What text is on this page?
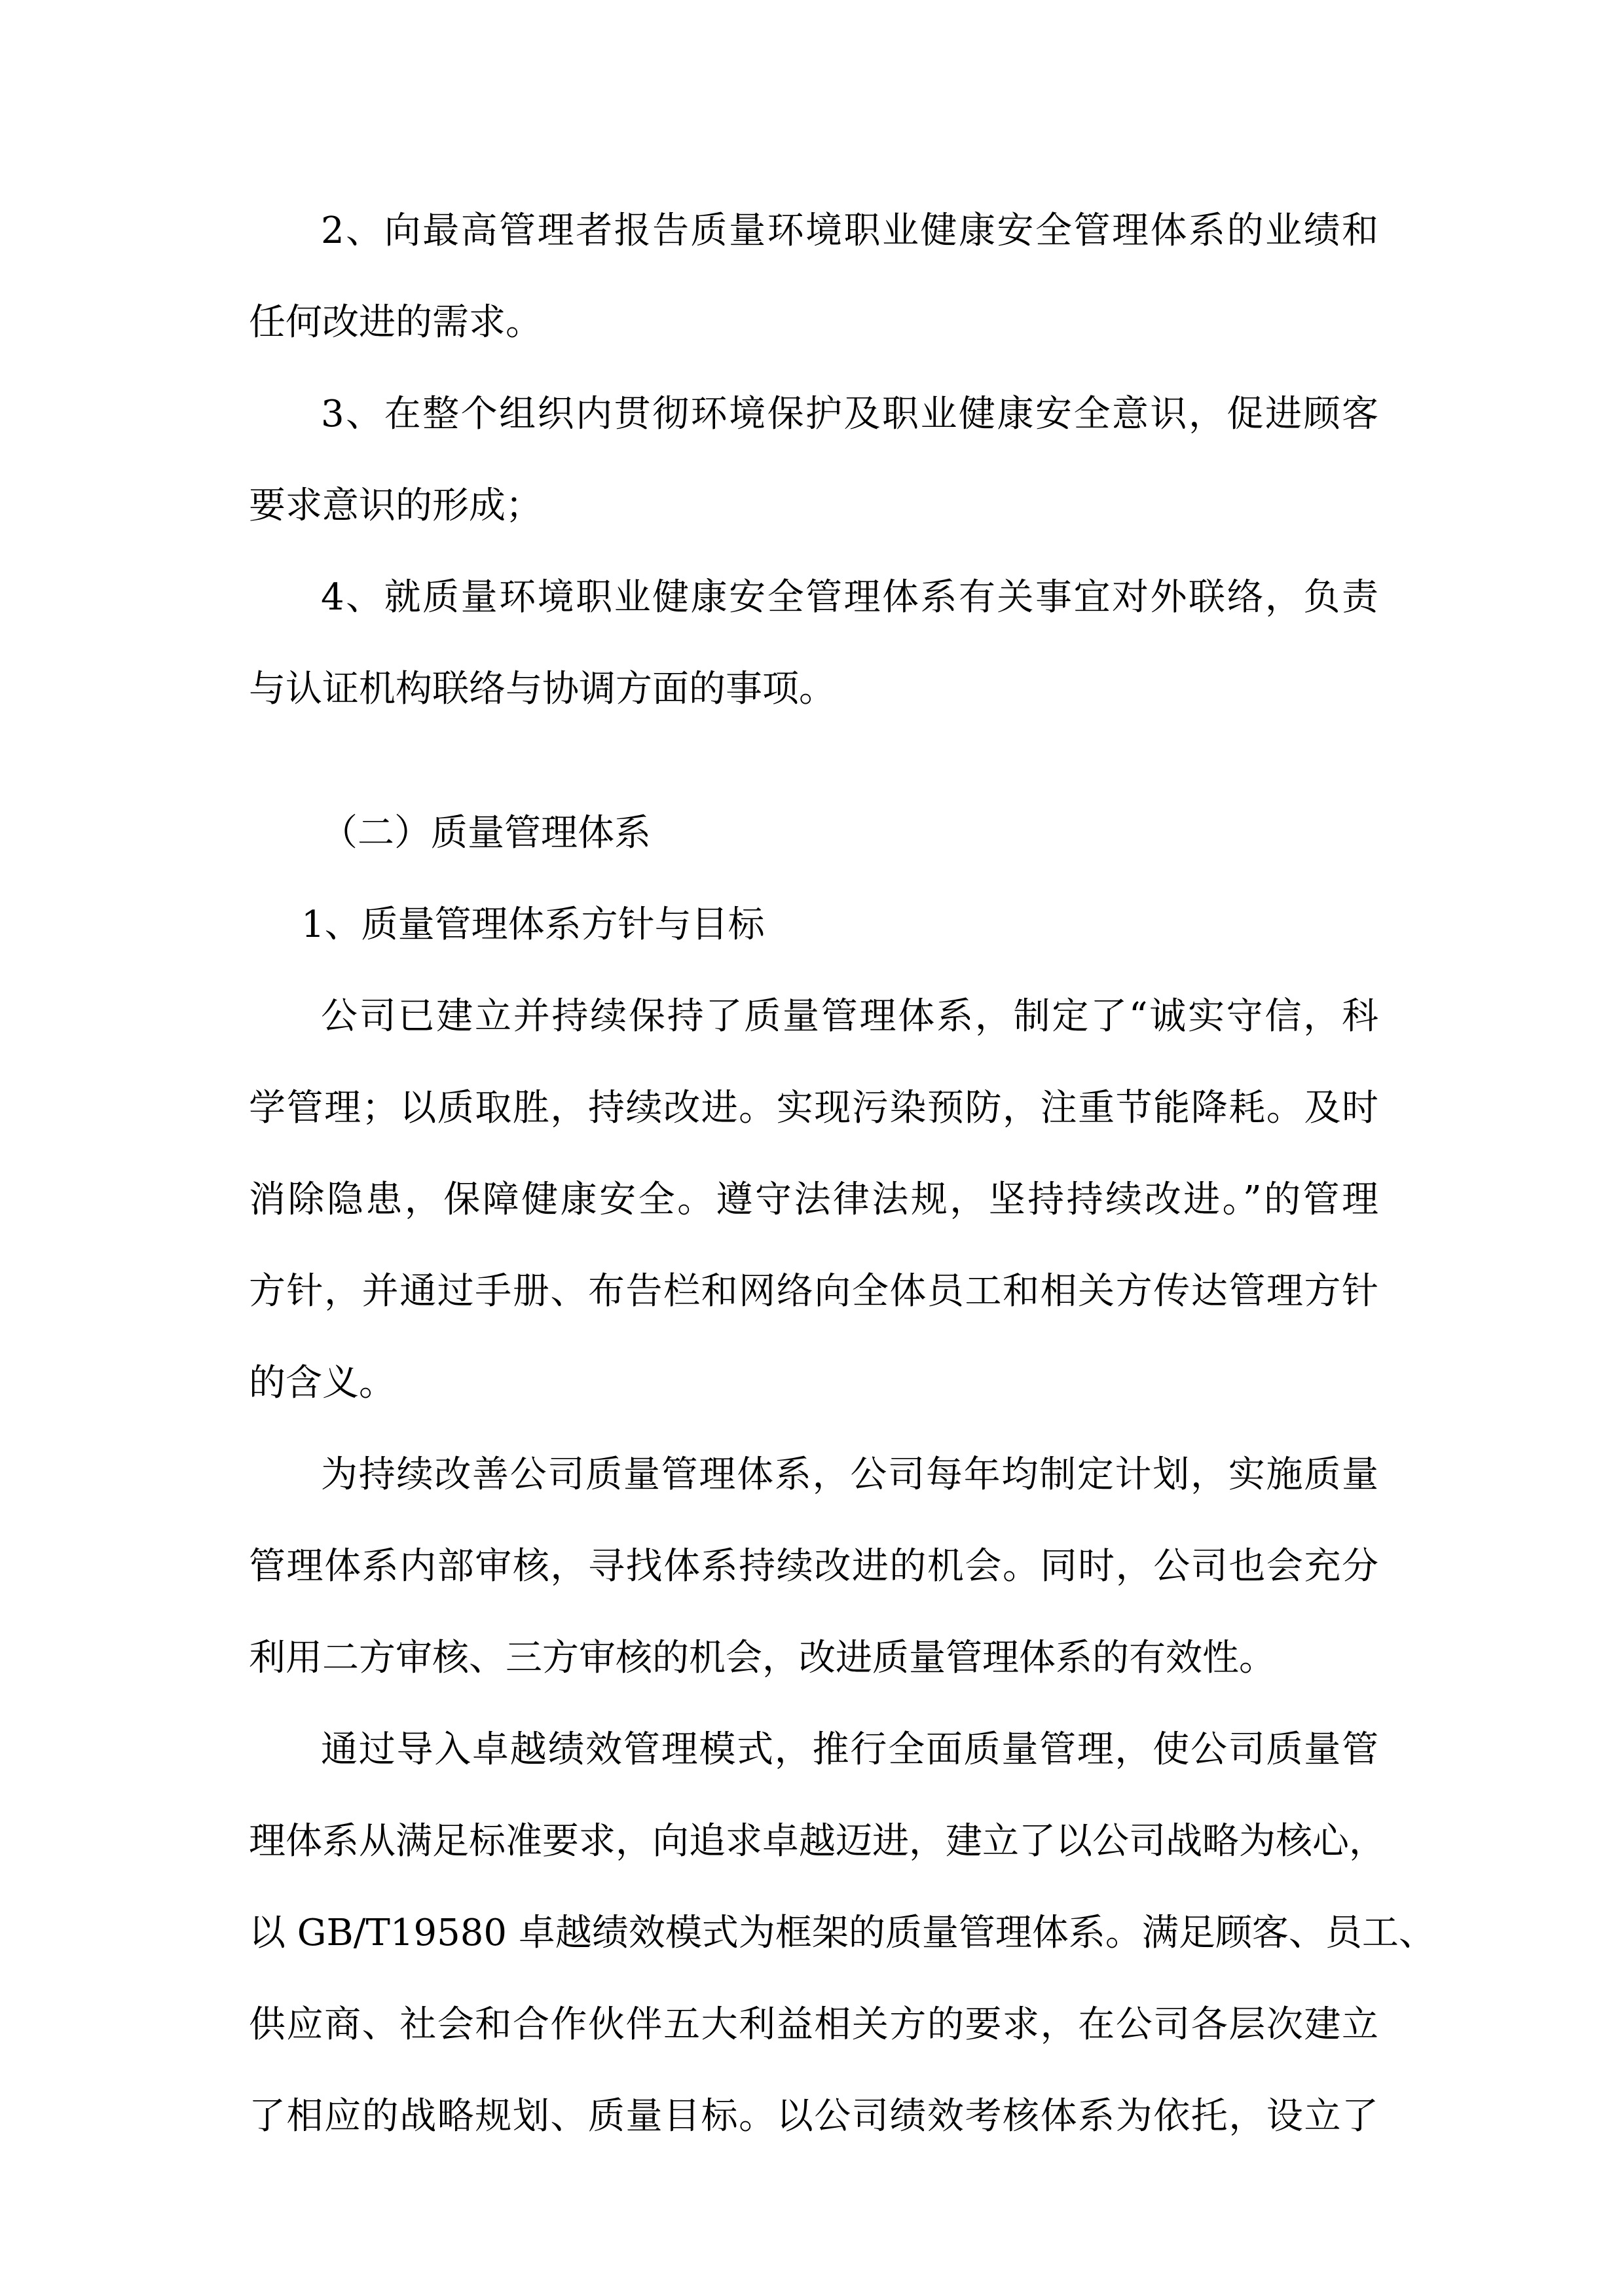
2、向最高管理者报告质量环境职业健康安全管理体系的业绩和
任何改进的需求。
3、在整个组织内贯彻环境保护及职业健康安全意识，促进顾客
要求意识的形成；
4、就质量环境职业健康安全管理体系有关事宜对外联络，负责
与认证机构联络与协调方面的事项。
（二）质量管理体系
1、质量管理体系方针与目标
公司已建立并持续保持了质量管理体系，制定了“诚实守信，科
学管理；以质取胜，持续改进。实现污染预防，注重节能降耗。及时
消除隐患，保障健康安全。遵守法律法规，坚持持续改进。”的管理
方针，并通过手册、布告栏和网络向全体员工和相关方传达管理方针
的含义。
为持续改善公司质量管理体系，公司每年均制定计划，实施质量
管理体系内部审核，寻找体系持续改进的机会。同时，公司也会充分
利用二方审核、三方审核的机会，改进质量管理体系的有效性。
通过导入卓越绩效管理模式，推行全面质量管理，使公司质量管
理体系从满足标准要求，向追求卓越迈进，建立了以公司战略为核心，
以 GB/T19580 卓越绩效模式为框架的质量管理体系。满足顾客、员工、
供应商、社会和合作伙伴五大利益相关方的要求，在公司各层次建立
了相应的战略规划、质量目标。以公司绩效考核体系为依托，设立了
